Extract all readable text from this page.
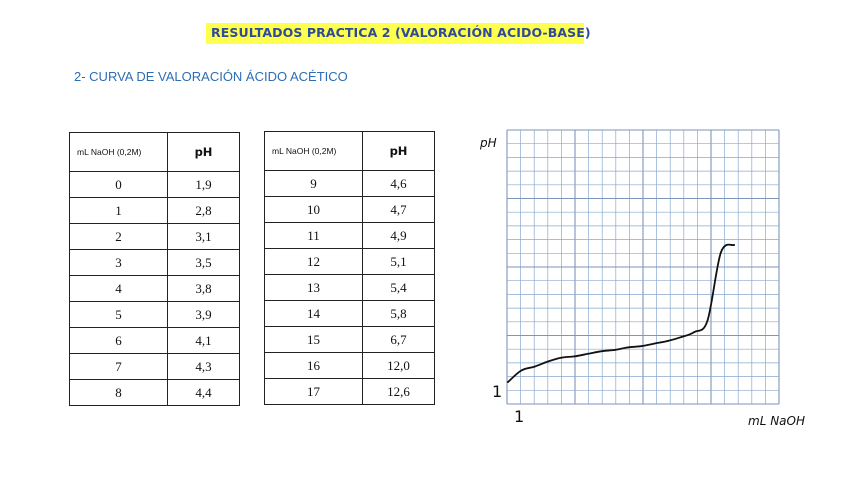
RESULTADOS PRACTICA 2 (VALORACIÓN ACIDO-BASE)
2- CURVA DE VALORACIÓN ÁCIDO ACÉTICO
mL NaOH (0,2M)	pH
0	1,9
1	2,8
2	3,1
3	3,5
4	3,8
5	3,9
6	4,1
7	4,3
8	4,4
mL NaOH (0,2M)	pH
9	4,6
10	4,7
11	4,9
12	5,1
13	5,4
14	5,8
15	6,7
16	12,0
17	12,6
pH
mL NaOH
1
1
